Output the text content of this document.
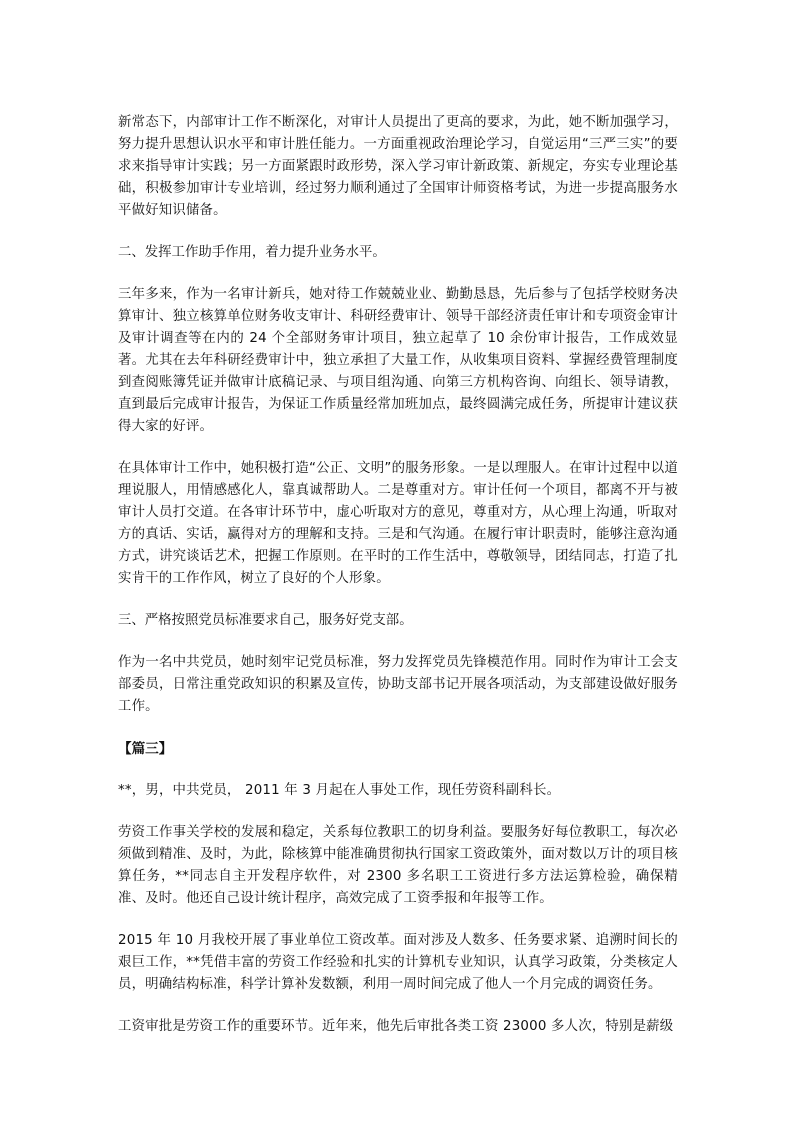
新常态下，内部审计工作不断深化，对审计人员提出了更高的要求，为此，她不断加强学习，努力提升思想认识水平和审计胜任能力。一方面重视政治理论学习，自觉运用“三严三实”的要求来指导审计实践；另一方面紧跟时政形势，深入学习审计新政策、新规定，夯实专业理论基础，积极参加审计专业培训，经过努力顺利通过了全国审计师资格考试，为进一步提高服务水平做好知识储备。

二、发挥工作助手作用，着力提升业务水平。

三年多来，作为一名审计新兵，她对待工作兢兢业业、勤勤恳恳，先后参与了包括学校财务决算审计、独立核算单位财务收支审计、科研经费审计、领导干部经济责任审计和专项资金审计及审计调查等在内的 24 个全部财务审计项目，独立起草了 10 余份审计报告，工作成效显著。尤其在去年科研经费审计中，独立承担了大量工作，从收集项目资料、掌握经费管理制度到查阅账簿凭证并做审计底稿记录、与项目组沟通、向第三方机构咨询、向组长、领导请教，直到最后完成审计报告，为保证工作质量经常加班加点，最终圆满完成任务，所提审计建议获得大家的好评。

在具体审计工作中，她积极打造“公正、文明”的服务形象。一是以理服人。在审计过程中以道理说服人，用情感感化人，靠真诚帮助人。二是尊重对方。审计任何一个项目，都离不开与被审计人员打交道。在各审计环节中，虚心听取对方的意见，尊重对方，从心理上沟通，听取对方的真话、实话，赢得对方的理解和支持。三是和气沟通。在履行审计职责时，能够注意沟通方式，讲究谈话艺术，把握工作原则。在平时的工作生活中，尊敬领导，团结同志，打造了扎实肯干的工作作风，树立了良好的个人形象。

三、严格按照党员标准要求自己，服务好党支部。

作为一名中共党员，她时刻牢记党员标准，努力发挥党员先锋模范作用。同时作为审计工会支部委员，日常注重党政知识的积累及宣传，协助支部书记开展各项活动，为支部建设做好服务工作。

【篇三】

**，男，中共党员， 2011 年 3 月起在人事处工作，现任劳资科副科长。

劳资工作事关学校的发展和稳定，关系每位教职工的切身利益。要服务好每位教职工，每次必须做到精准、及时，为此，除核算中能准确贯彻执行国家工资政策外，面对数以万计的项目核算任务，**同志自主开发程序软件，对 2300 多名职工工资进行多方法运算检验，确保精准、及时。他还自己设计统计程序，高效完成了工资季报和年报等工作。

2015 年 10 月我校开展了事业单位工资改革。面对涉及人数多、任务要求紧、追溯时间长的艰巨工作，**凭借丰富的劳资工作经验和扎实的计算机专业知识，认真学习政策，分类核定人员，明确结构标准，科学计算补发数额，利用一周时间完成了他人一个月完成的调资任务。

工资审批是劳资工作的重要环节。近年来，他先后审批各类工资 23000 多人次，特别是薪级
